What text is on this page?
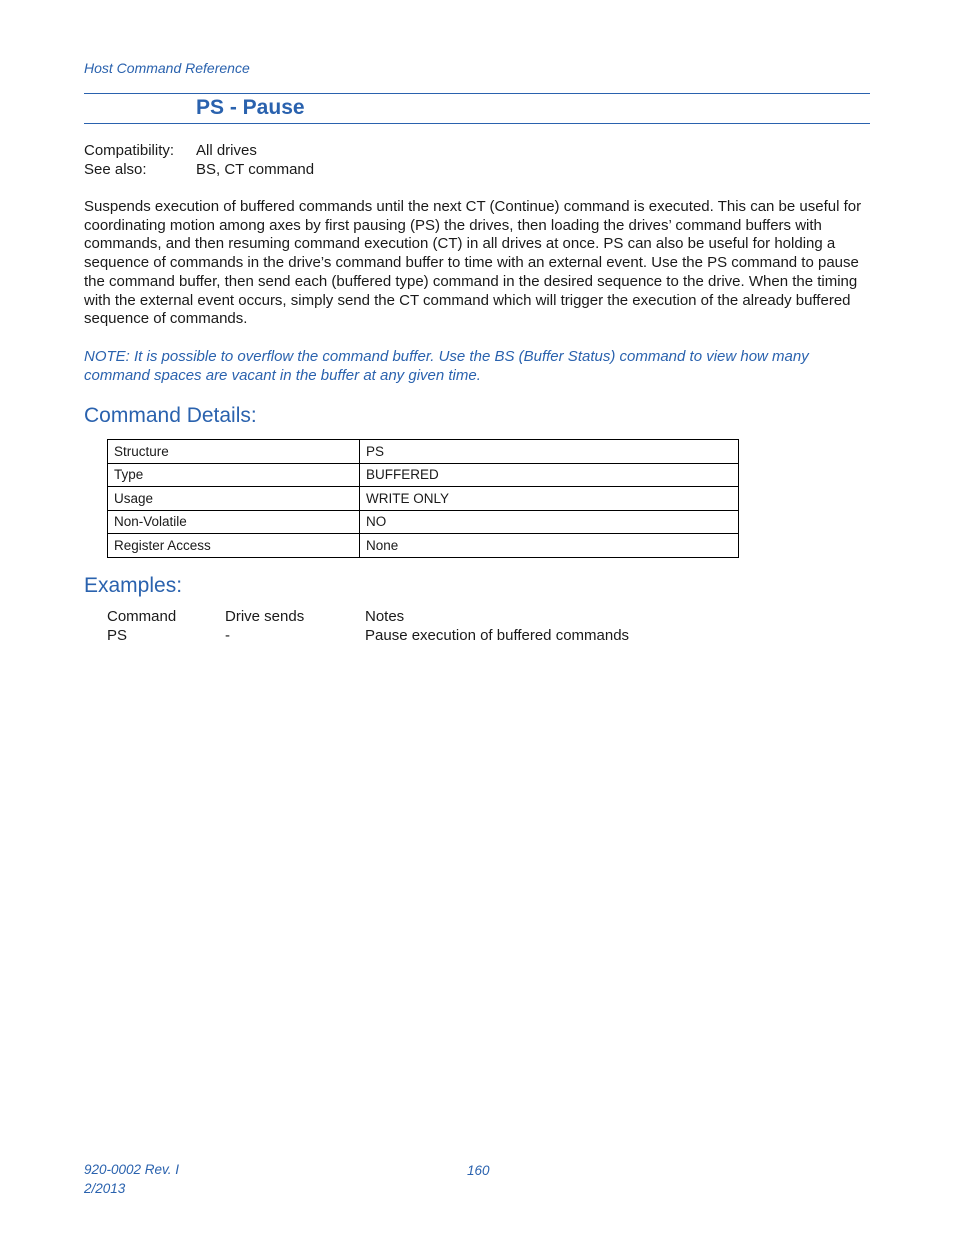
Host Command Reference
PS - Pause
Compatibility:	All drives
See also:	BS, CT command

Suspends execution of buffered commands until the next CT (Continue) command is executed. This can be useful for coordinating motion among axes by first pausing (PS) the drives, then loading the drives’ command buffers with commands, and then resuming command execution (CT) in all drives at once. PS can also be useful for holding a sequence of commands in the drive’s command buffer to time with an external event. Use the PS command to pause the command buffer, then send each (buffered type) command in the desired sequence to the drive. When the timing with the external event occurs, simply send the CT command which will trigger the execution of the already buffered sequence of commands.

NOTE: It is possible to overflow the command buffer. Use the BS (Buffer Status) command to view how many command spaces are vacant in the buffer at any given time.

Command Details:
Structure	PS
Type	BUFFERED
Usage	WRITE ONLY
Non-Volatile	NO
Register Access	None
Examples:
Command	Drive sends	Notes
PS	-	Pause execution of buffered commands
920-0002 Rev. I
2/2013
160
